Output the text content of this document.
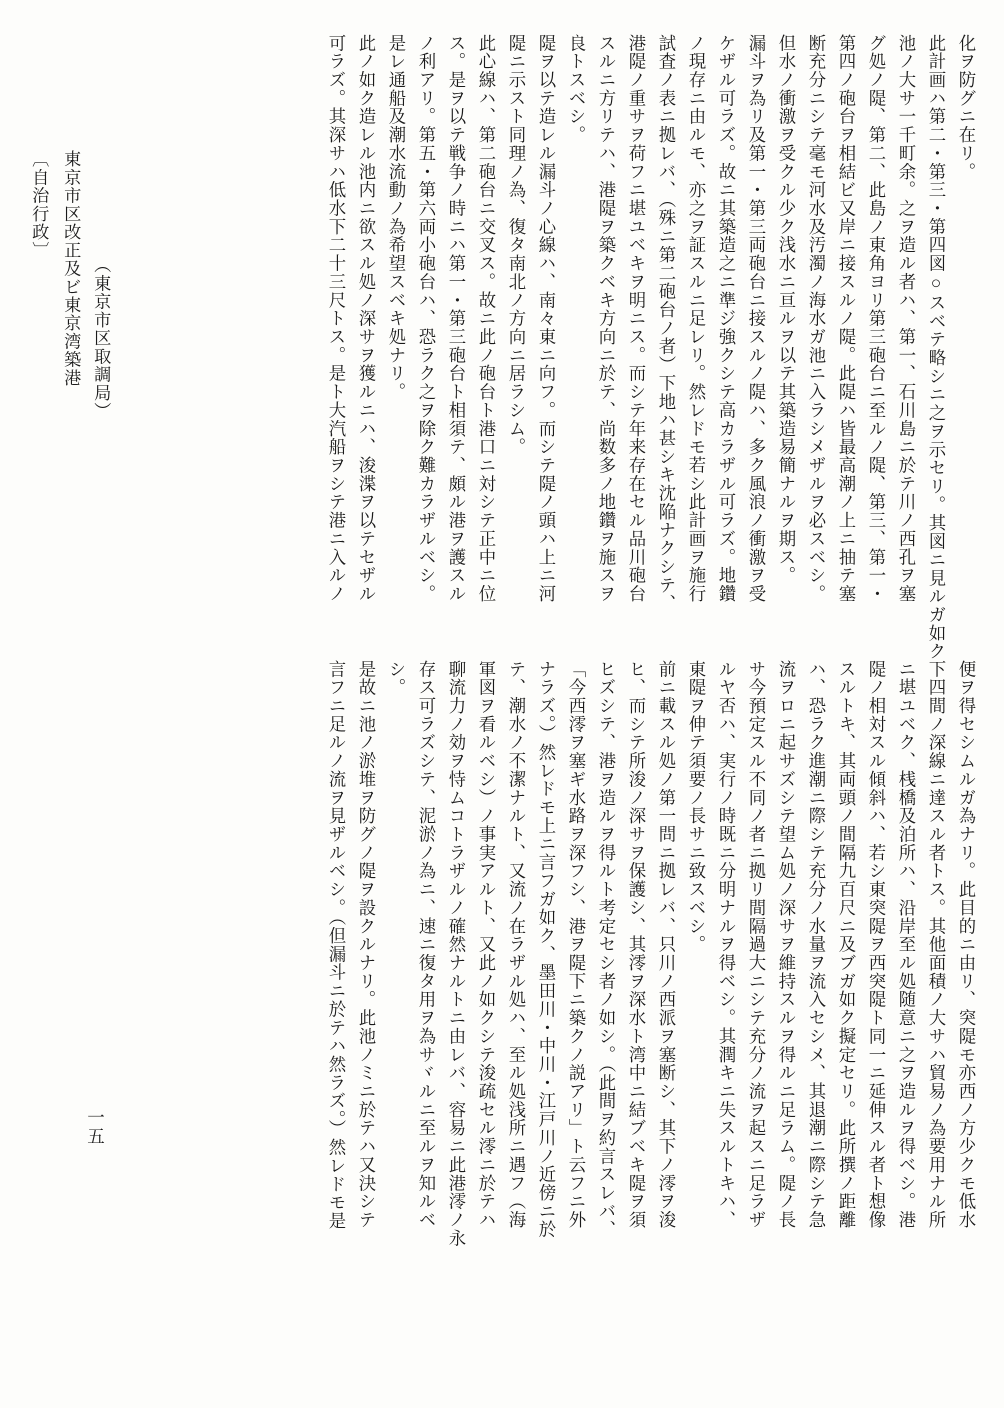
化ヲ防グニ在リ。
此計画ハ第二・第三・第四図○スベテ略シニ之ヲ示セリ。其図ニ見ルガ如ク
池ノ大サ一千町余。之ヲ造ル者ハ、第一、石川島ニ於テ川ノ西孔ヲ塞
グ処ノ隄、第二、此島ノ東角ヨリ第三砲台ニ至ルノ隄、第三、第一・
第四ノ砲台ヲ相結ビ又岸ニ接スルノ隄。此隄ハ皆最高潮ノ上ニ抽テ塞
断充分ニシテ毫モ河水及汚濁ノ海水ガ池ニ入ラシメザルヲ必スベシ。
但水ノ衝激ヲ受クル少ク浅水ニ亘ルヲ以テ其築造易簡ナルヲ期ス。
漏斗ヲ為リ及第一・第三両砲台ニ接スルノ隄ハ、多ク風浪ノ衝激ヲ受
ケザル可ラズ。故ニ其築造之ニ準ジ強クシテ高カラザル可ラズ。地鑽
ノ現存ニ由ルモ、亦之ヲ証スルニ足レリ。然レドモ若シ此計画ヲ施行
試査ノ表ニ拠レバ、（殊ニ第二砲台ノ者）下地ハ甚シキ沈陥ナクシテ、
港隄ノ重サヲ荷フニ堪ユベキヲ明ニス。而シテ年来存在セル品川砲台
スルニ方リテハ、港隄ヲ築クベキ方向ニ於テ、尚数多ノ地鑽ヲ施スヲ
良トスベシ。
隄ヲ以テ造レル漏斗ノ心線ハ、南々東ニ向フ。而シテ隄ノ頭ハ上ニ河
隄ニ示スト同理ノ為、復タ南北ノ方向ニ居ラシム。
此心線ハ、第二砲台ニ交叉ス。故ニ此ノ砲台ト港口ニ対シテ正中ニ位
ス。是ヲ以テ戦争ノ時ニハ第一・第三砲台ト相須テ、頗ル港ヲ護スル
ノ利アリ。第五・第六両小砲台ハ、恐ラク之ヲ除ク難カラザルベシ。
是レ通船及潮水流動ノ為希望スベキ処ナリ。
此ノ如ク造レル池内ニ欲スル処ノ深サヲ獲ルニハ、浚渫ヲ以テセザル
可ラズ。其深サハ低水下二十三尺トス。是ト大汽船ヲシテ港ニ入ルノ
便ヲ得セシムルガ為ナリ。此目的ニ由リ、突隄モ亦西ノ方少クモ低水
下四間ノ深線ニ達スル者トス。其他面積ノ大サハ貿易ノ為要用ナル所
ニ堪ユベク、桟橋及泊所ハ、沿岸至ル処随意ニ之ヲ造ルヲ得ベシ。港
隄ノ相対スル傾斜ハ、若シ東突隄ヲ西突隄ト同一ニ延伸スル者ト想像
スルトキ、其両頭ノ間隔九百尺ニ及ブガ如ク擬定セリ。此所撰ノ距離
ハ、恐ラク進潮ニ際シテ充分ノ水量ヲ流入セシメ、其退潮ニ際シテ急
流ヲロニ起サズシテ望ム処ノ深サヲ維持スルヲ得ルニ足ラム。隄ノ長
サ今預定スル不同ノ者ニ拠リ間隔過大ニシテ充分ノ流ヲ起スニ足ラザ
ルヤ否ハ、実行ノ時既ニ分明ナルヲ得ベシ。其潤キニ失スルトキハ、
東隄ヲ伸テ須要ノ長サニ致スベシ。
前ニ載スル処ノ第一問ニ拠レバ、只川ノ西派ヲ塞断シ、其下ノ澪ヲ浚
ヒ、而シテ所浚ノ深サヲ保護シ、其澪ヲ深水ト湾中ニ結ブベキ隄ヲ須
ヒズシテ、港ヲ造ルヲ得ルト考定セシ者ノ如シ。（此間ヲ約言スレバ、
「今西澪ヲ塞ギ水路ヲ深フシ、港ヲ隄下ニ築クノ説アリ」ト云フニ外
ナラズ。）然レドモ上ニ言フガ如ク、墨田川・中川・江戸川ノ近傍ニ於
テ、潮水ノ不潔ナルト、又流ノ在ラザル処ハ、至ル処浅所ニ遇フ（海
軍図ヲ看ルベシ）ノ事実アルト、又此ノ如クシテ浚疏セル澪ニ於テハ
聊流力ノ効ヲ恃ムコトラザルノ確然ナルトニ由レバ、容易ニ此港澪ノ永
存ス可ラズシテ、泥淤ノ為ニ、速ニ復タ用ヲ為サヾルニ至ルヲ知ルベ
シ。
是故ニ池ノ淤堆ヲ防グノ隄ヲ設クルナリ。此池ノミニ於テハ又決シテ
言フニ足ルノ流ヲ見ザルベシ。（但漏斗ニ於テハ然ラズ。）然レドモ是
〔自治行政〕 東京市区改正及ビ東京湾築港 （東京市区取調局）
一五
